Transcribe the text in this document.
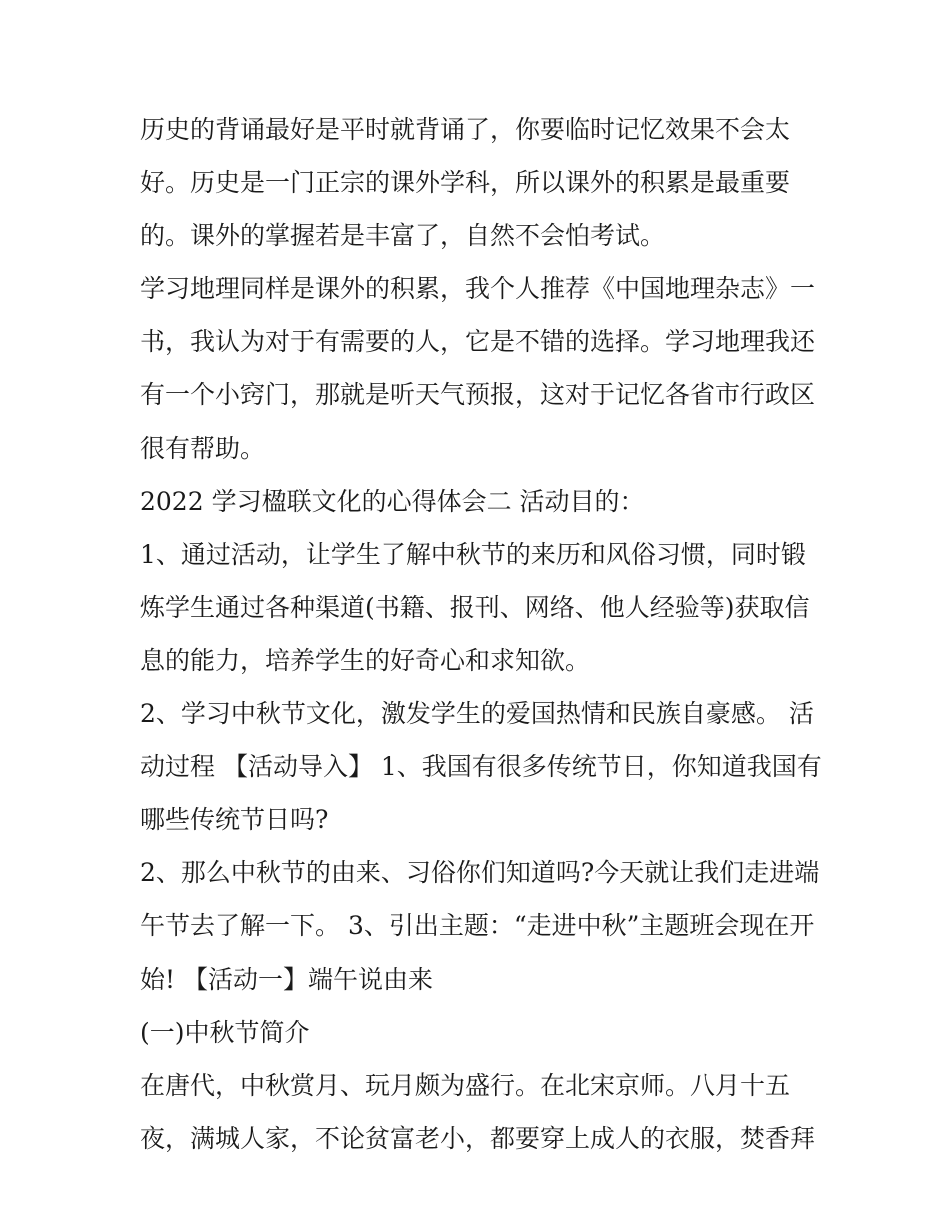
历史的背诵最好是平时就背诵了，你要临时记忆效果不会太
好。历史是一门正宗的课外学科，所以课外的积累是最重要
的。课外的掌握若是丰富了，自然不会怕考试。
学习地理同样是课外的积累，我个人推荐《中国地理杂志》一
书，我认为对于有需要的人，它是不错的选择。学习地理我还
有一个小窍门，那就是听天气预报，这对于记忆各省市行政区
很有帮助。
2022 学习楹联文化的心得体会二 活动目的：
1、通过活动，让学生了解中秋节的来历和风俗习惯，同时锻
炼学生通过各种渠道(书籍、报刊、网络、他人经验等)获取信
息的能力，培养学生的好奇心和求知欲。
2、学习中秋节文化，激发学生的爱国热情和民族自豪感。 活
动过程 【活动导入】 1、我国有很多传统节日，你知道我国有
哪些传统节日吗?
2、那么中秋节的由来、习俗你们知道吗?今天就让我们走进端
午节去了解一下。 3、引出主题：“走进中秋”主题班会现在开
始! 【活动一】端午说由来
(一)中秋节简介
在唐代，中秋赏月、玩月颇为盛行。在北宋京师。八月十五
夜，满城人家，不论贫富老小，都要穿上成人的衣服，焚香拜
